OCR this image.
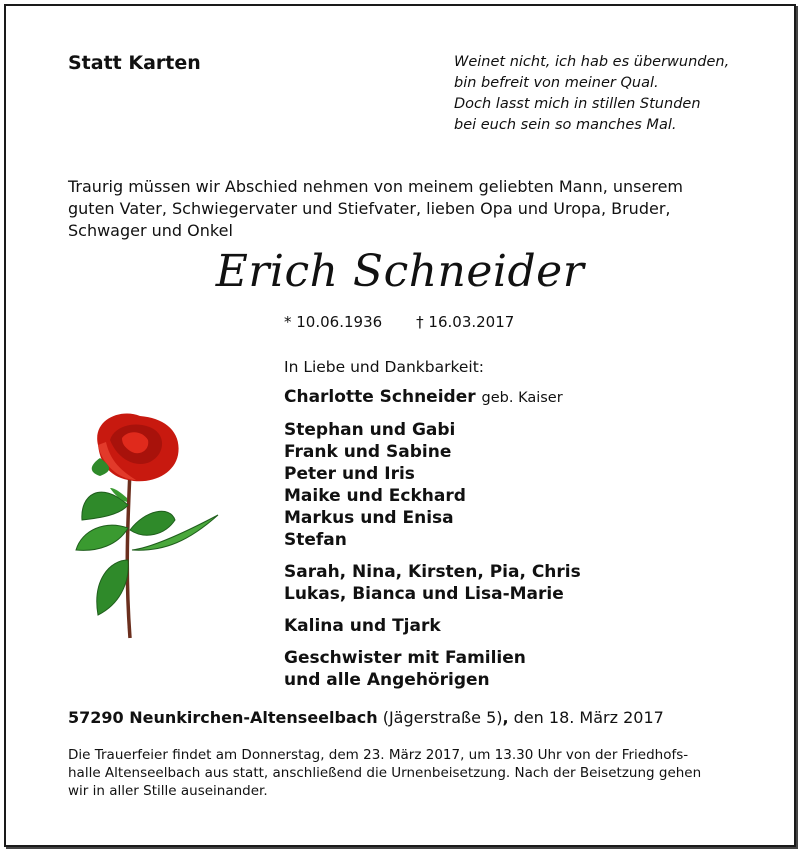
Statt Karten	Weinet nicht, ich hab es überwunden,
bin befreit von meiner Qual.
Doch lasst mich in stillen Stunden
bei euch sein so manches Mal.
Traurig müssen wir Abschied nehmen von meinem geliebten Mann, unserem
guten Vater, Schwiegervater und Stiefvater, lieben Opa und Uropa, Bruder,
Schwager und Onkel
Erich Schneider
* 10.06.1936 † 16.03.2017
In Liebe und Dankbarkeit:
Charlotte Schneider geb. Kaiser
Stephan und Gabi
Frank und Sabine
Peter und Iris
Maike und Eckhard
Markus und Enisa
Stefan
Sarah, Nina, Kirsten, Pia, Chris
Lukas, Bianca und Lisa-Marie
Kalina und Tjark
Geschwister mit Familien
und alle Angehörigen
57290 Neunkirchen-Altenseelbach (Jägerstraße 5), den 18. März 2017
Die Trauerfeier findet am Donnerstag, dem 23. März 2017, um 13.30 Uhr von der Friedhofs-
halle Altenseelbach aus statt, anschließend die Urnenbeisetzung. Nach der Beisetzung gehen
wir in aller Stille auseinander.
